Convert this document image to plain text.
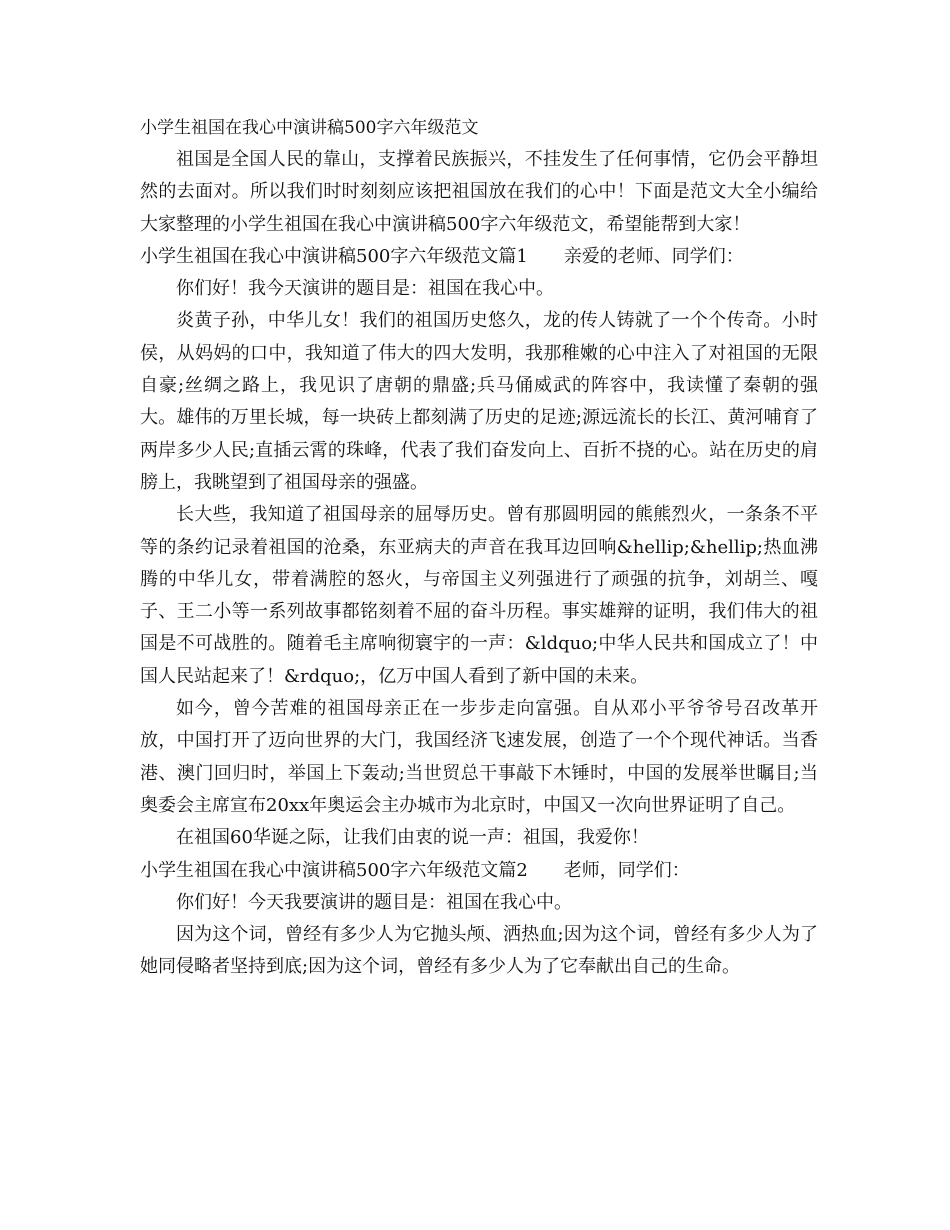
小学生祖国在我心中演讲稿500字六年级范文

祖国是全国人民的靠山，支撑着民族振兴，不挂发生了任何事情，它仍会平静坦然的去面对。所以我们时时刻刻应该把祖国放在我们的心中！下面是范文大全小编给大家整理的小学生祖国在我心中演讲稿500字六年级范文，希望能帮到大家！

小学生祖国在我心中演讲稿500字六年级范文篇1 亲爱的老师、同学们：

你们好！我今天演讲的题目是：祖国在我心中。

炎黄子孙，中华儿女！我们的祖国历史悠久，龙的传人铸就了一个个传奇。小时侯，从妈妈的口中，我知道了伟大的四大发明，我那稚嫩的心中注入了对祖国的无限自豪;丝绸之路上，我见识了唐朝的鼎盛;兵马俑威武的阵容中，我读懂了秦朝的强大。雄伟的万里长城，每一块砖上都刻满了历史的足迹;源远流长的长江、黄河哺育了两岸多少人民;直插云霄的珠峰，代表了我们奋发向上、百折不挠的心。站在历史的肩膀上，我眺望到了祖国母亲的强盛。

长大些，我知道了祖国母亲的屈辱历史。曾有那圆明园的熊熊烈火，一条条不平等的条约记录着祖国的沧桑，东亚病夫的声音在我耳边回响&hellip;&hellip;热血沸腾的中华儿女，带着满腔的怒火，与帝国主义列强进行了顽强的抗争，刘胡兰、嘎子、王二小等一系列故事都铭刻着不屈的奋斗历程。事实雄辩的证明，我们伟大的祖国是不可战胜的。随着毛主席响彻寰宇的一声：&ldquo;中华人民共和国成立了！中国人民站起来了！&rdquo;，亿万中国人看到了新中国的未来。

如今，曾今苦难的祖国母亲正在一步步走向富强。自从邓小平爷爷号召改革开放，中国打开了迈向世界的大门，我国经济飞速发展，创造了一个个现代神话。当香港、澳门回归时，举国上下轰动;当世贸总干事敲下木锤时，中国的发展举世瞩目;当奥委会主席宣布20xx年奥运会主办城市为北京时，中国又一次向世界证明了自己。

在祖国60华诞之际，让我们由衷的说一声：祖国，我爱你！

小学生祖国在我心中演讲稿500字六年级范文篇2 老师，同学们：

你们好！今天我要演讲的题目是：祖国在我心中。

因为这个词，曾经有多少人为它抛头颅、洒热血;因为这个词，曾经有多少人为了她同侵略者坚持到底;因为这个词，曾经有多少人为了它奉献出自己的生命。
